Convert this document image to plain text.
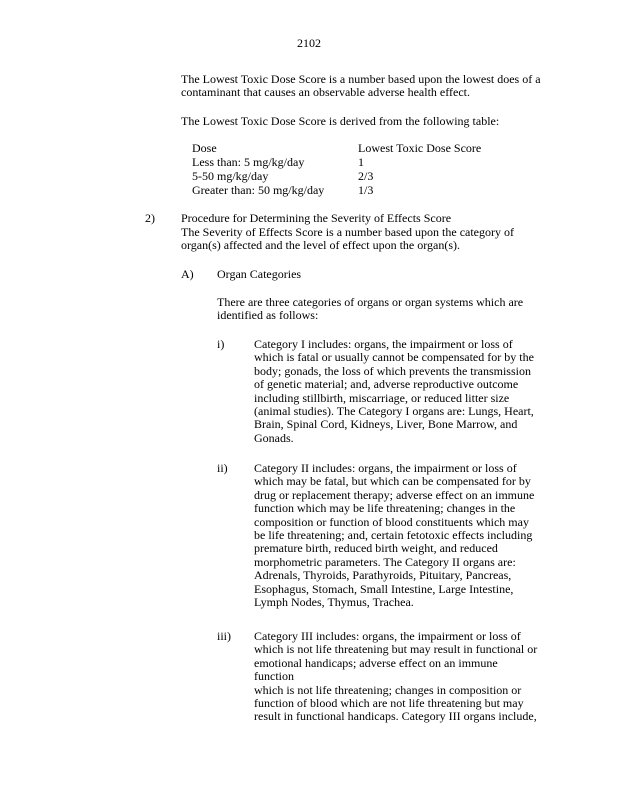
2102

The Lowest Toxic Dose Score is a number based upon the lowest does of a contaminant that causes an observable adverse health effect.

The Lowest Toxic Dose Score is derived from the following table:

Dose	Lowest Toxic Dose Score
Less than: 5 mg/kg/day	1
5-50 mg/kg/day	2/3
Greater than: 50 mg/kg/day	1/3
2) Procedure for Determining the Severity of Effects Score

The Severity of Effects Score is a number based upon the category of organ(s) affected and the level of effect upon the organ(s).

A) Organ Categories

There are three categories of organs or organ systems which are identified as follows:

i) Category I includes: organs, the impairment or loss of
which is fatal or usually cannot be compensated for by the
body; gonads, the loss of which prevents the transmission
of genetic material; and, adverse reproductive outcome
including stillbirth, miscarriage, or reduced litter size
(animal studies). The Category I organs are: Lungs, Heart,
Brain, Spinal Cord, Kidneys, Liver, Bone Marrow, and
Gonads.
ii) Category II includes: organs, the impairment or loss of
which may be fatal, but which can be compensated for by
drug or replacement therapy; adverse effect on an immune
function which may be life threatening; changes in the
composition or function of blood constituents which may
be life threatening; and, certain fetotoxic effects including
premature birth, reduced birth weight, and reduced
morphometric parameters. The Category II organs are:
Adrenals, Thyroids, Parathyroids, Pituitary, Pancreas,
Esophagus, Stomach, Small Intestine, Large Intestine,
Lymph Nodes, Thymus, Trachea.
iii) Category III includes: organs, the impairment or loss of
which is not life threatening but may result in functional or
emotional handicaps; adverse effect on an immune function
which is not life threatening; changes in composition or
function of blood which are not life threatening but may
result in functional handicaps. Category III organs include,
